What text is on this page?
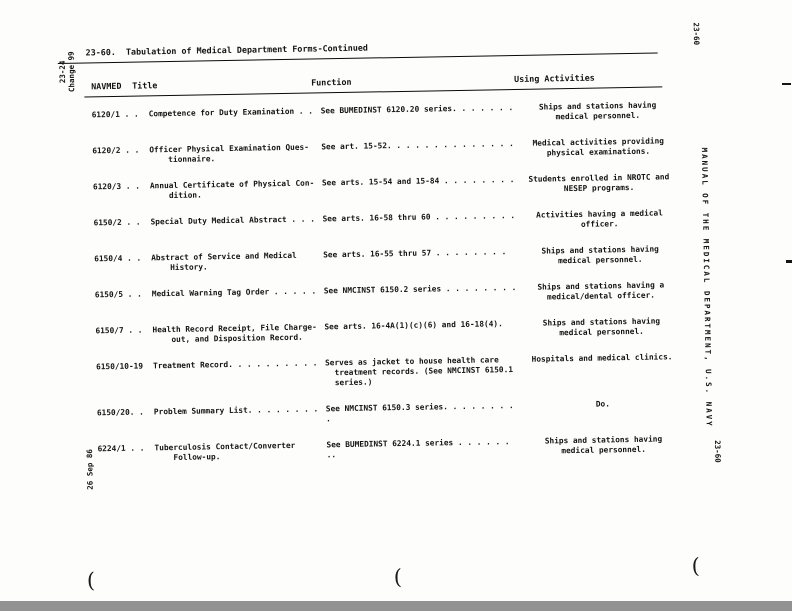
23-60.  Tabulation of Medical Department Forms-Continued
NAVMED Title	Function	Using Activities
6120/1 . .	Competence for Duty Examination . . See BUMEDINST 6120.20 series. . . . . . .	Ships and stations having
medical personnel.
6120/2 . .	Officer Physical Examination Ques-
tionnaire.
See art. 15-52. . . . . . . . . . . . . .	Medical activities providing
physical examinations.
6120/3 . .	Annual Certificate of Physical Con-
dition.
See arts. 15-54 and 15-84 . . . . . . . .	Students enrolled in NROTC and
NESEP programs.
6150/2 . .	Special Duty Medical Abstract . . . See arts. 16-58 thru 60 . . . . . . . . .	Activities having a medical
officer.
6150/4 . .	Abstract of Service and Medical
History.
See arts. 16-55 thru 57 . . . . . . . .	Ships and stations having
medical personnel.
6150/5 . .	Medical Warning Tag Order . . . . . See NMCINST 6150.2 series . . . . . . . .	Ships and stations having a
medical/dental officer.
6150/7 . .	Health Record Receipt, File Charge-
out, and Disposition Record.
See arts. 16-4A(1)(c)(6) and 16-18(4).	Ships and stations having
medical personnel.
6150/10-19	Treatment Record. . . . . . . . . . Serves as jacket to house health care
treatment records. (See NMCINST 6150.1
series.)
Hospitals and medical clinics.
6150/20. .	Problem Summary List. . . . . . . . See NMCINST 6150.3 series. . . . . . . . .
Do.
6224/1 . .	Tuberculosis Contact/Converter
Follow-up.
See BUMEDINST 6224.1 series . . . . . . ..
Ships and stations having
medical personnel.
23-24
Change 99
26 Sep 86
23-60
MANUAL OF THE MEDICAL DEPARTMENT, U.S. NAVY
23-60
(	(	(
